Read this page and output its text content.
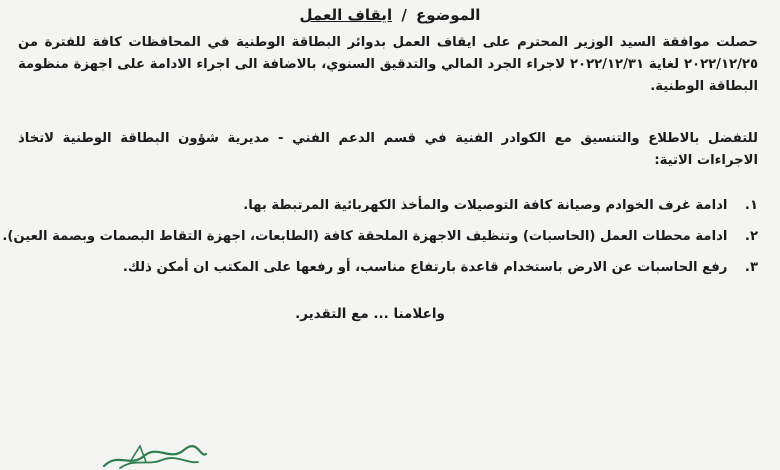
الموضوع / ايقاف العمل

حصلت موافقة السيد الوزير المحترم على ايقاف العمل بدوائر البطاقة الوطنية في المحافظات كافة للفترة من ٢٠٢٢/١٢/٢٥ لغاية ٢٠٢٢/١٢/٣١ لاجراء الجرد المالي والتدقيق السنوي، بالاضافة الى اجراء الادامة على اجهزة منظومة البطاقة الوطنية.

للتفضل بالاطلاع والتنسيق مع الكوادر الفنية في قسم الدعم الفني - مديرية شؤون البطاقة الوطنية لاتخاذ الاجراءات الاتية:

١. ادامة غرف الخوادم وصيانة كافة التوصيلات والمأخذ الكهربائية المرتبطة بها.
٢. ادامة محطات العمل (الحاسبات) وتنظيف الاجهزة الملحقة كافة (الطابعات، اجهزة التقاط البصمات وبصمة العين).
٣. رفع الحاسبات عن الارض باستخدام قاعدة بارتفاع مناسب، أو رفعها على المكتب ان أمكن ذلك.
واعلامنا ... مع التقدير.
